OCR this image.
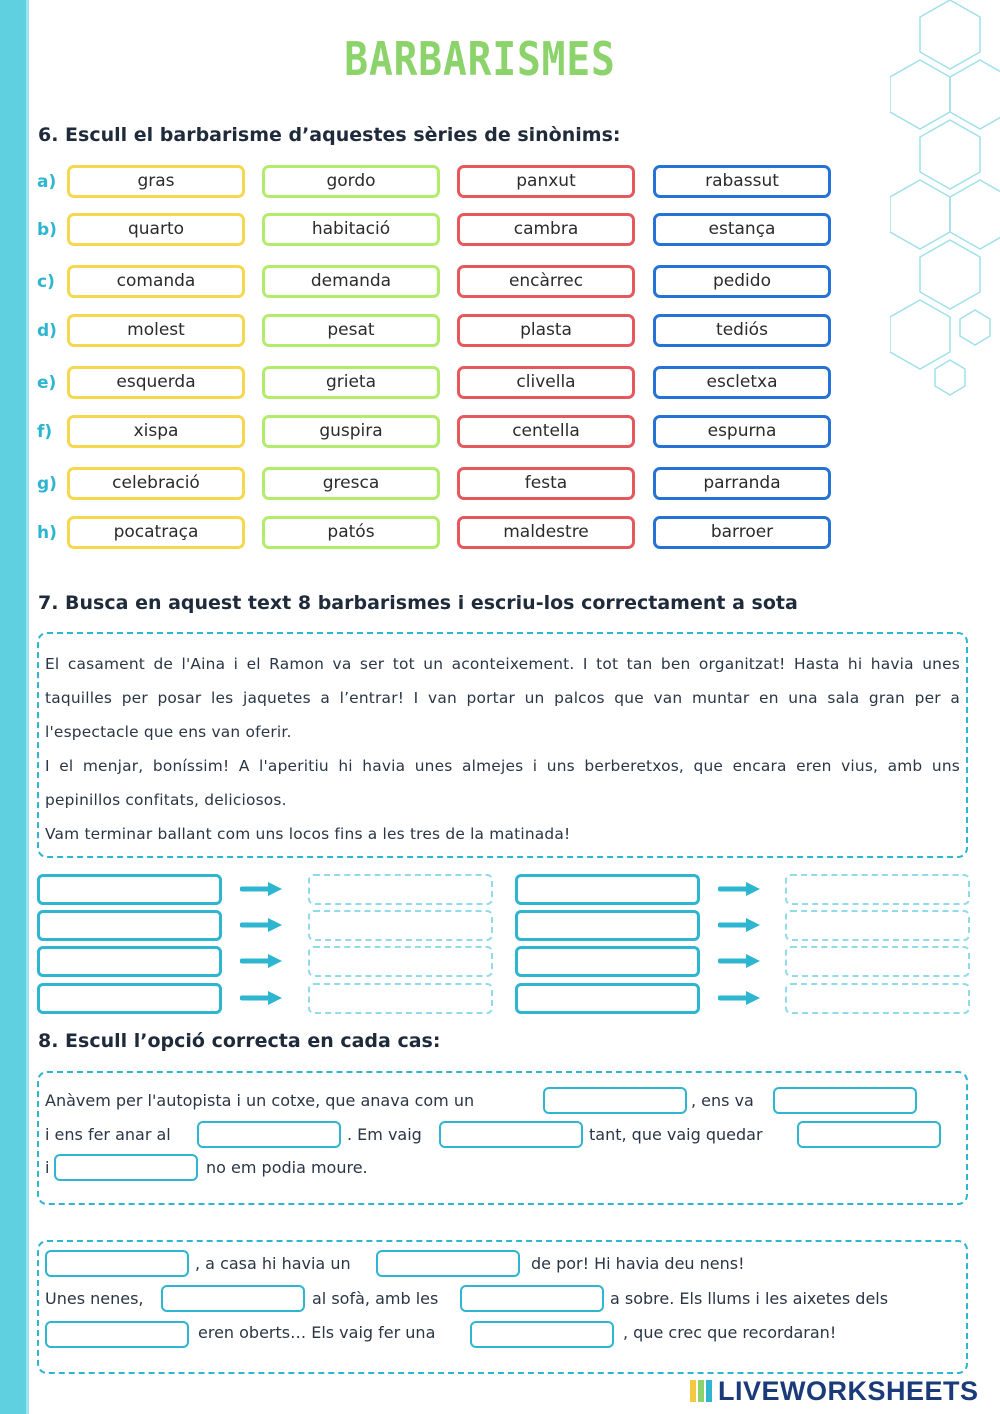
BARBARISMES
6. Escull el barbarisme d’aquestes sèries de sinònims:
a)	gras	gordo	panxut	rabassut
b)	quarto	habitació	cambra	estança
c)	comanda	demanda	encàrrec	pedido
d)	molest	pesat	plasta	tediós
e)	esquerda	grieta	clivella	escletxa
f)	xispa	guspira	centella	espurna
g)	celebració	gresca	festa	parranda
h)	pocatraça	patós	maldestre	barroer
7. Busca en aquest text 8 barbarismes i escriu-los correctament a sota

El casament de l'Aina i el Ramon va ser tot un aconteixement. I tot tan ben organitzat! Hasta hi havia unes taquilles per posar les jaquetes a l’entrar! I van portar un palcos que van muntar en una sala gran per a l'espectacle que ens van oferir.

I el menjar, boníssim! A l'aperitiu hi havia unes almejes i uns berberetxos, que encara eren vius, amb uns pepinillos confitats, deliciosos.

Vam terminar ballant com uns locos fins a les tres de la matinada!

8. Escull l’opció correcta en cada cas:
Anàvem per l'autopista i un cotxe, que anava com un	, ens va
i ens fer anar al	. Em vaig	tant, que vaig quedar
i	no em podia moure.
, a casa hi havia un	de por! Hi havia deu nens!
Unes nenes,	al sofà, amb les	a sobre. Els llums i les aixetes dels
eren oberts… Els vaig fer una	, que crec que recordaran!
LIVEWORKSHEETS
